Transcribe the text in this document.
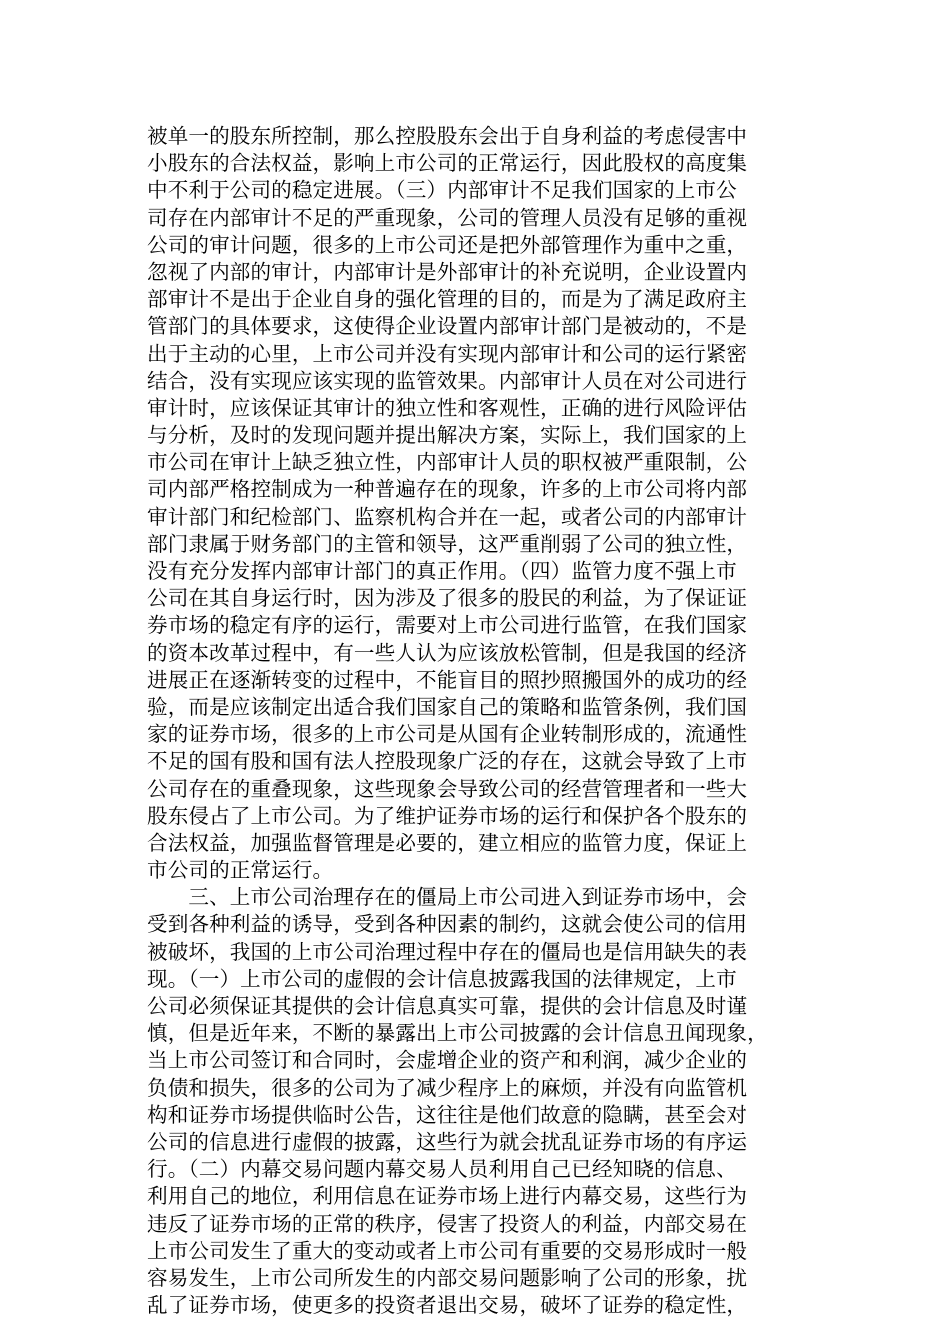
被单一的股东所控制，那么控股股东会出于自身利益的考虑侵害中
小股东的合法权益，影响上市公司的正常运行，因此股权的高度集
中不利于公司的稳定进展。（三）内部审计不足我们国家的上市公
司存在内部审计不足的严重现象，公司的管理人员没有足够的重视
公司的审计问题，很多的上市公司还是把外部管理作为重中之重，
忽视了内部的审计，内部审计是外部审计的补充说明，企业设置内
部审计不是出于企业自身的强化管理的目的，而是为了满足政府主
管部门的具体要求，这使得企业设置内部审计部门是被动的，不是
出于主动的心里，上市公司并没有实现内部审计和公司的运行紧密
结合，没有实现应该实现的监管效果。内部审计人员在对公司进行
审计时，应该保证其审计的独立性和客观性，正确的进行风险评估
与分析，及时的发现问题并提出解决方案，实际上，我们国家的上
市公司在审计上缺乏独立性，内部审计人员的职权被严重限制，公
司内部严格控制成为一种普遍存在的现象，许多的上市公司将内部
审计部门和纪检部门、监察机构合并在一起，或者公司的内部审计
部门隶属于财务部门的主管和领导，这严重削弱了公司的独立性，
没有充分发挥内部审计部门的真正作用。（四）监管力度不强上市
公司在其自身运行时，因为涉及了很多的股民的利益，为了保证证
券市场的稳定有序的运行，需要对上市公司进行监管，在我们国家
的资本改革过程中，有一些人认为应该放松管制，但是我国的经济
进展正在逐渐转变的过程中，不能盲目的照抄照搬国外的成功的经
验，而是应该制定出适合我们国家自己的策略和监管条例，我们国
家的证券市场，很多的上市公司是从国有企业转制形成的，流通性
不足的国有股和国有法人控股现象广泛的存在，这就会导致了上市
公司存在的重叠现象，这些现象会导致公司的经营管理者和一些大
股东侵占了上市公司。为了维护证券市场的运行和保护各个股东的
合法权益，加强监督管理是必要的，建立相应的监管力度，保证上
市公司的正常运行。
　　三、上市公司治理存在的僵局上市公司进入到证券市场中，会
受到各种利益的诱导，受到各种因素的制约，这就会使公司的信用
被破坏，我国的上市公司治理过程中存在的僵局也是信用缺失的表
现。（一）上市公司的虚假的会计信息披露我国的法律规定，上市
公司必须保证其提供的会计信息真实可靠，提供的会计信息及时谨
慎，但是近年来，不断的暴露出上市公司披露的会计信息丑闻现象，
当上市公司签订和合同时，会虚增企业的资产和利润，减少企业的
负债和损失，很多的公司为了减少程序上的麻烦，并没有向监管机
构和证券市场提供临时公告，这往往是他们故意的隐瞒，甚至会对
公司的信息进行虚假的披露，这些行为就会扰乱证券市场的有序运
行。（二）内幕交易问题内幕交易人员利用自己已经知晓的信息、
利用自己的地位，利用信息在证券市场上进行内幕交易，这些行为
违反了证券市场的正常的秩序，侵害了投资人的利益，内部交易在
上市公司发生了重大的变动或者上市公司有重要的交易形成时一般
容易发生，上市公司所发生的内部交易问题影响了公司的形象，扰
乱了证券市场，使更多的投资者退出交易，破坏了证券的稳定性，
